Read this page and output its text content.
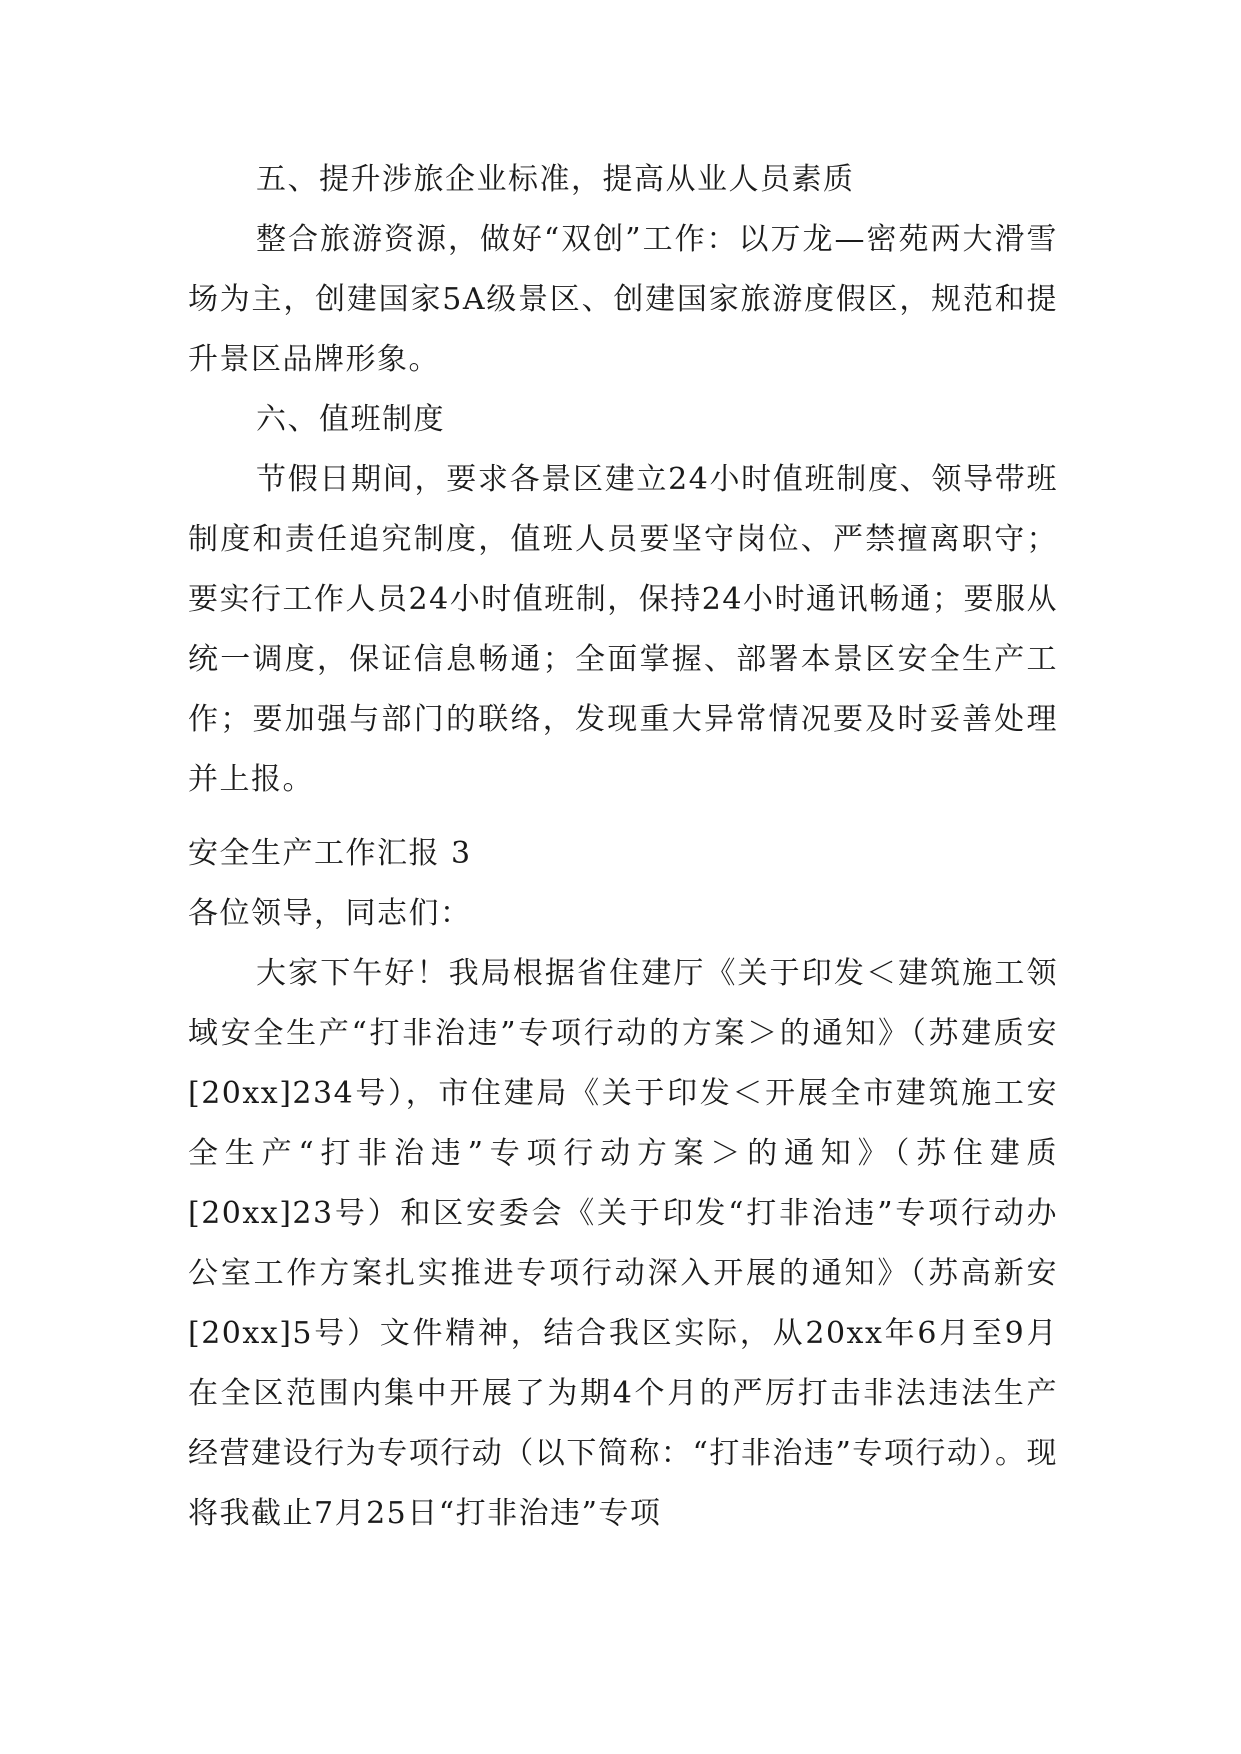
五、提升涉旅企业标准，提高从业人员素质

整合旅游资源，做好“双创”工作：以万龙—密苑两大滑雪场为主，创建国家5A级景区、创建国家旅游度假区，规范和提升景区品牌形象。

六、值班制度

节假日期间，要求各景区建立24小时值班制度、领导带班制度和责任追究制度，值班人员要坚守岗位、严禁擅离职守；要实行工作人员24小时值班制，保持24小时通讯畅通；要服从统一调度，保证信息畅通；全面掌握、部署本景区安全生产工作；要加强与部门的联络，发现重大异常情况要及时妥善处理并上报。

安全生产工作汇报 3

各位领导，同志们：

大家下午好！我局根据省住建厅《关于印发＜建筑施工领域安全生产“打非治违”专项行动的方案＞的通知》（苏建质安[20xx]234号），市住建局《关于印发＜开展全市建筑施工安全生产“打非治违”专项行动方案＞的通知》（苏住建质[20xx]23号）和区安委会《关于印发“打非治违”专项行动办公室工作方案扎实推进专项行动深入开展的通知》（苏高新安[20xx]5号）文件精神，结合我区实际，从20xx年6月至9月在全区范围内集中开展了为期4个月的严厉打击非法违法生产经营建设行为专项行动（以下简称：“打非治违”专项行动）。现将我截止7月25日“打非治违”专项
